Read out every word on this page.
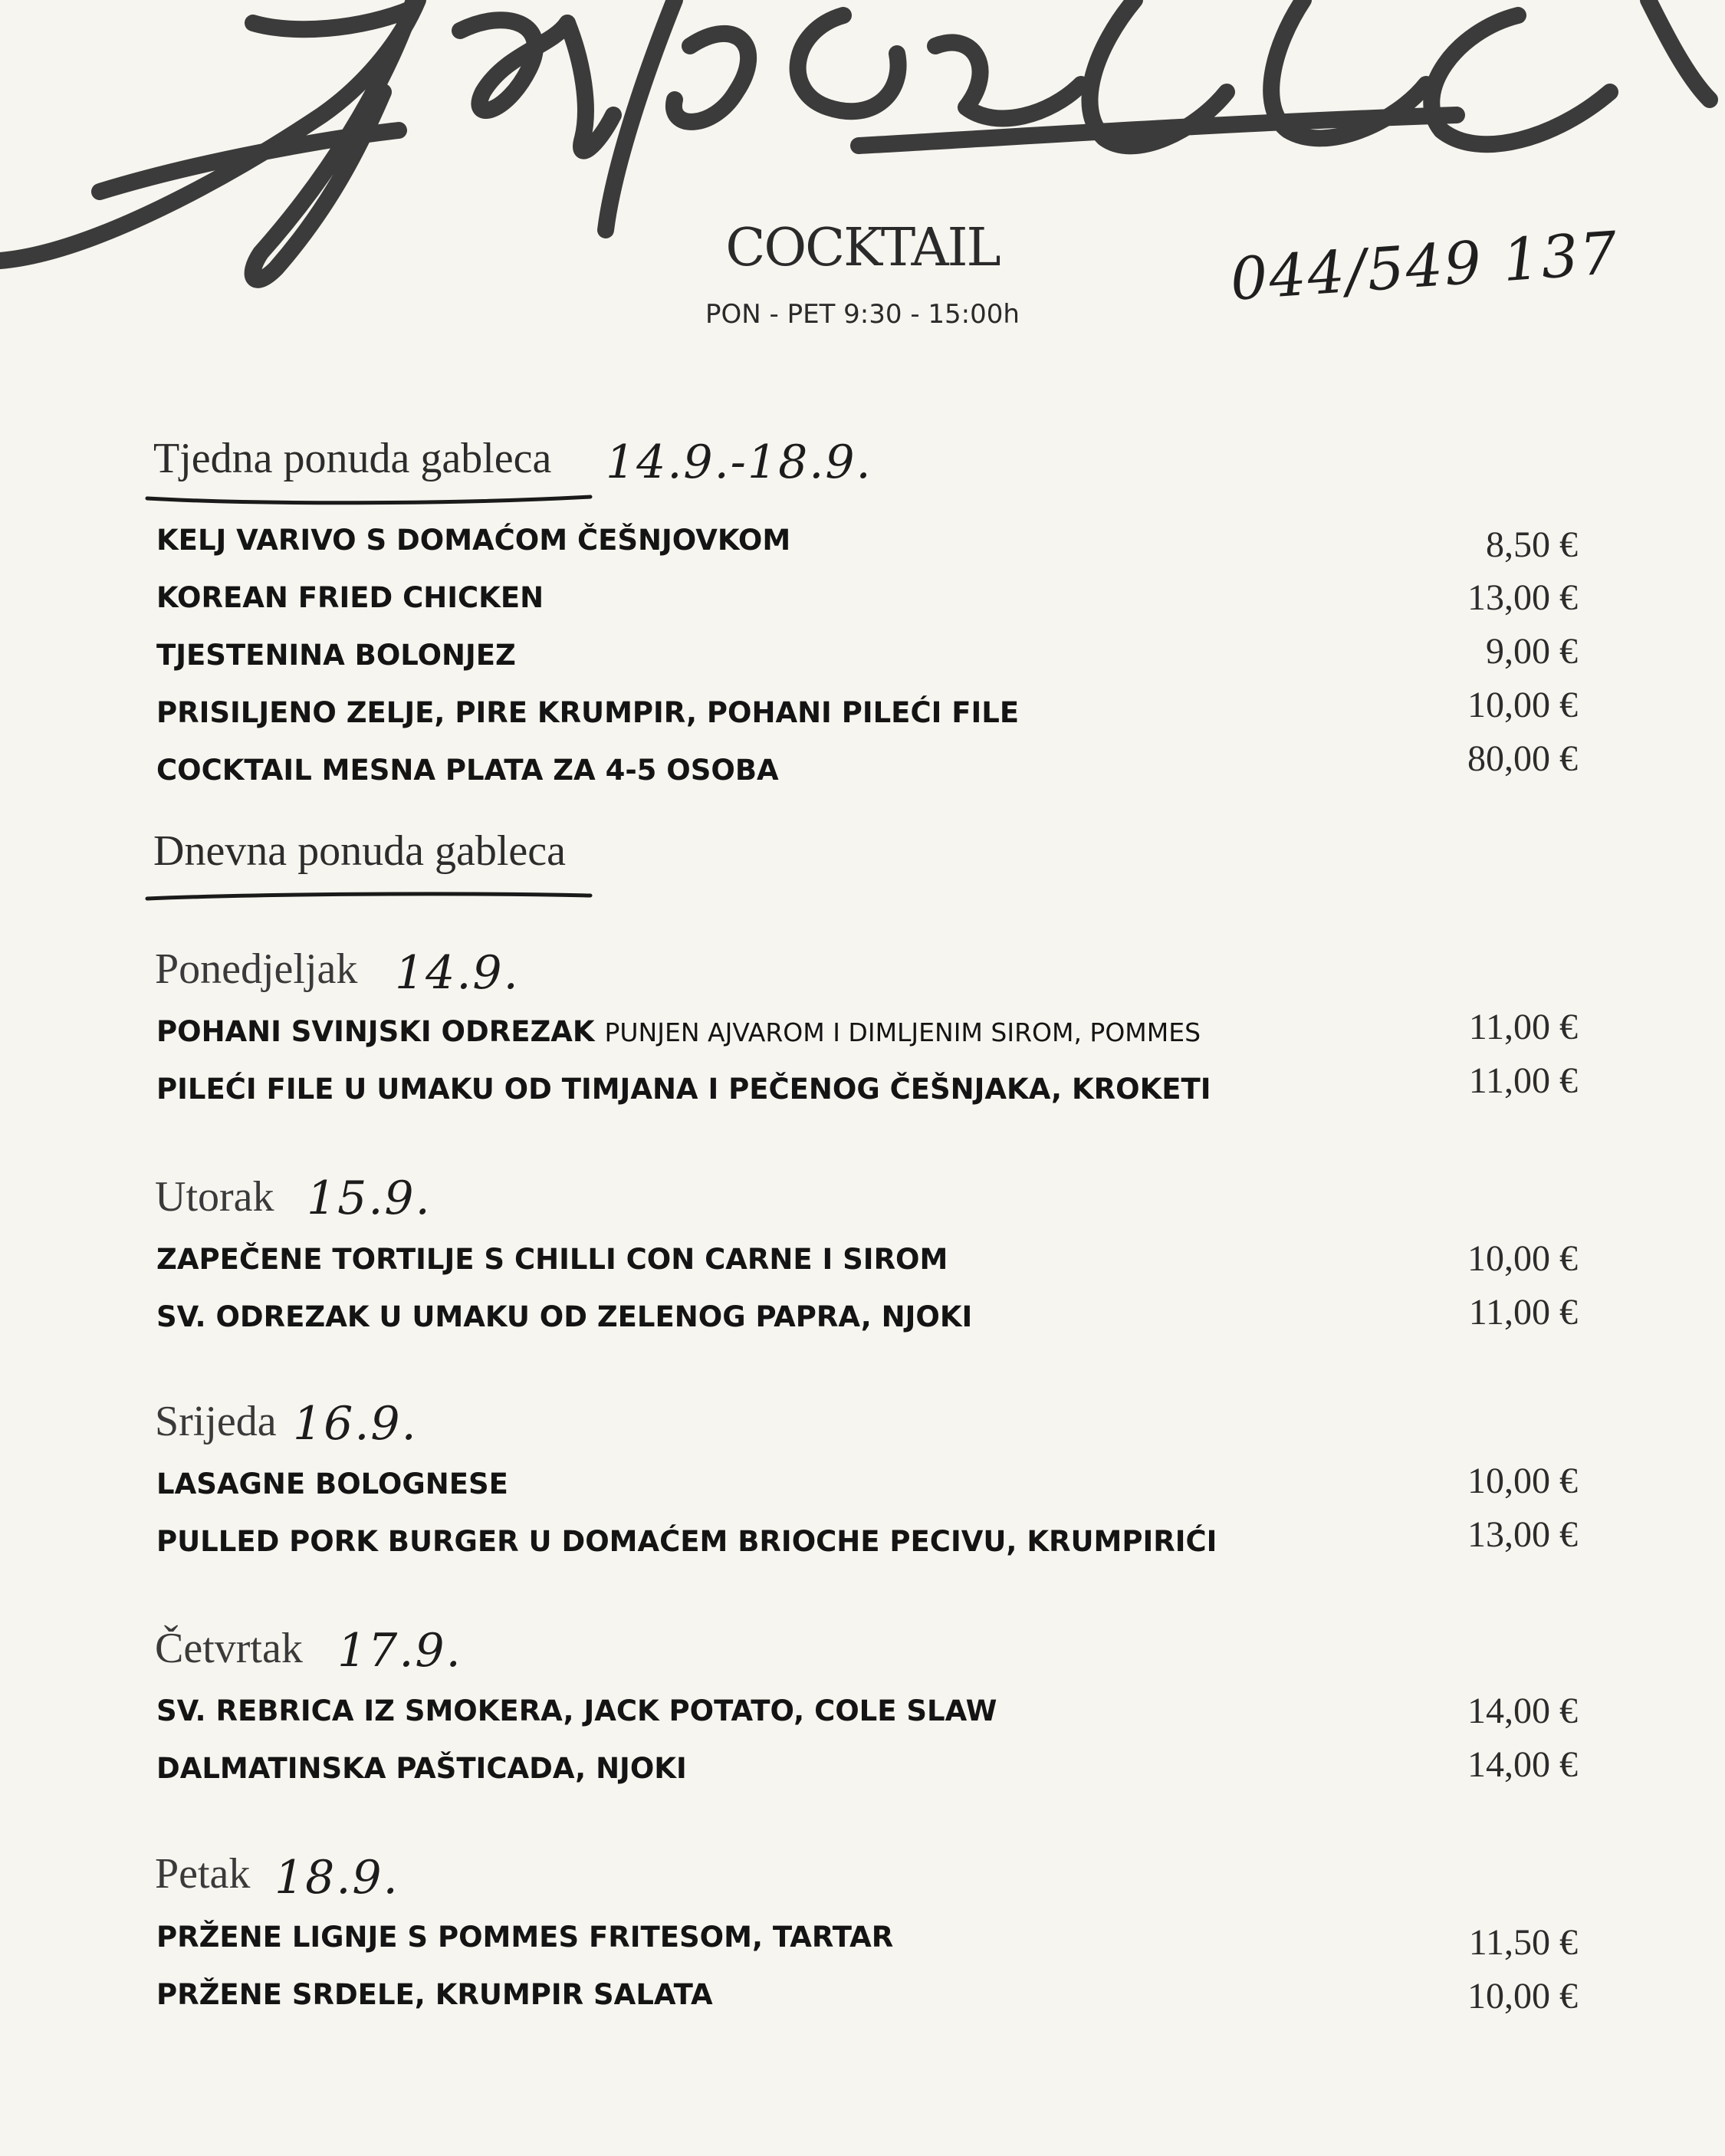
COCKTAIL
PON - PET 9:30 - 15:00h
044/549 137
Tjedna ponuda gableca 14.9.-18.9.
KELJ VARIVO S DOMAĆOM ČEŠNJOVKOM	8,50 €
KOREAN FRIED CHICKEN	13,00 €
TJESTENINA BOLONJEZ	9,00 €
PRISILJENO ZELJE, PIRE KRUMPIR, POHANI PILEĆI FILE	10,00 €
COCKTAIL MESNA PLATA ZA 4-5 OSOBA	80,00 €
Dnevna ponuda gableca
Ponedjeljak 14.9.
POHANI SVINJSKI ODREZAK PUNJEN AJVAROM I DIMLJENIM SIROM, POMMES	11,00 €
PILEĆI FILE U UMAKU OD TIMJANA I PEČENOG ČEŠNJAKA, KROKETI	11,00 €
Utorak 15.9.
ZAPEČENE TORTILJE S CHILLI CON CARNE I SIROM	10,00 €
SV. ODREZAK U UMAKU OD ZELENOG PAPRA, NJOKI	11,00 €
Srijeda 16.9.
LASAGNE BOLOGNESE	10,00 €
PULLED PORK BURGER U DOMAĆEM BRIOCHE PECIVU, KRUMPIRIĆI	13,00 €
Četvrtak 17.9.
SV. REBRICA IZ SMOKERA, JACK POTATO, COLE SLAW	14,00 €
DALMATINSKA PAŠTICADA, NJOKI	14,00 €
Petak 18.9.
PRŽENE LIGNJE S POMMES FRITESOM, TARTAR	11,50 €
PRŽENE SRDELE, KRUMPIR SALATA	10,00 €
